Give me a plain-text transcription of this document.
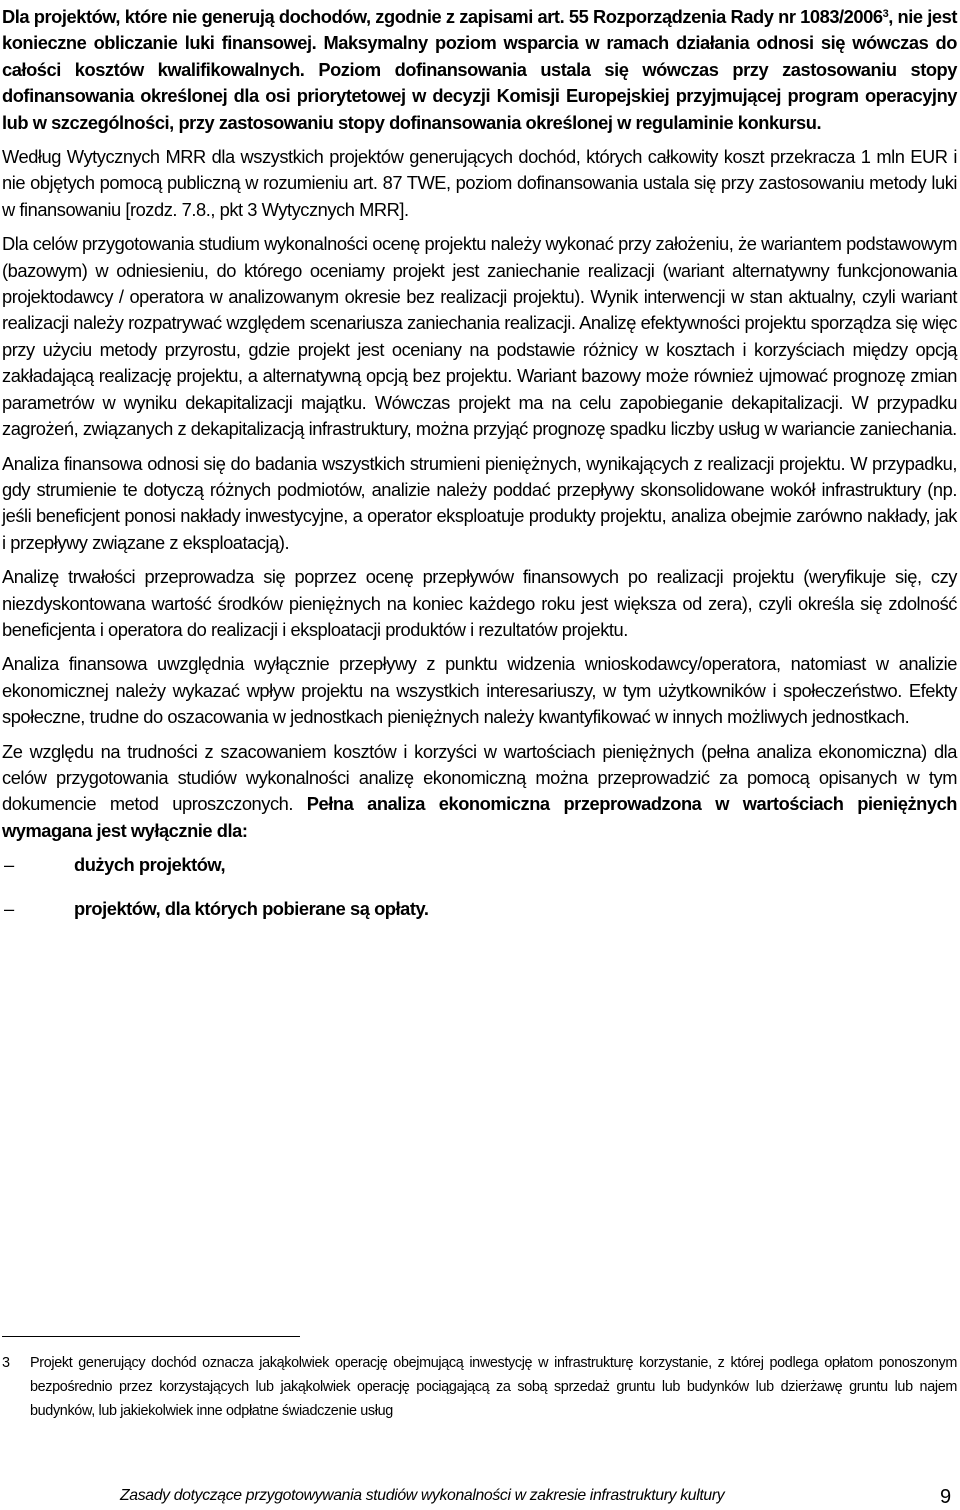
Dla projektów, które nie generują dochodów, zgodnie z zapisami art. 55 Rozporządzenia Rady nr 1083/2006$^3$, nie jest konieczne obliczanie luki finansowej. Maksymalny poziom wsparcia w ramach działania odnosi się wówczas do całości kosztów kwalifikowalnych. Poziom dofinansowania ustala się wówczas przy zastosowaniu stopy dofinansowania określonej dla osi priorytetowej w decyzji Komisji Europejskiej przyjmującej program operacyjny lub w szczególności, przy zastosowaniu stopy dofinansowania określonej w regulaminie konkursu.

Według Wytycznych MRR dla wszystkich projektów generujących dochód, których całkowity koszt przekracza 1 mln EUR i nie objętych pomocą publiczną w rozumieniu art. 87 TWE, poziom dofinansowania ustala się przy zastosowaniu metody luki w finansowaniu [rozdz. 7.8., pkt 3 Wytycznych MRR].

Dla celów przygotowania studium wykonalności ocenę projektu należy wykonać przy założeniu, że wariantem podstawowym (bazowym) w odniesieniu, do którego oceniamy projekt jest zaniechanie realizacji (wariant alternatywny funkcjonowania projektodawcy / operatora w analizowanym okresie bez realizacji projektu). Wynik interwencji w stan aktualny, czyli wariant realizacji należy rozpatrywać względem scenariusza zaniechania realizacji. Analizę efektywności projektu sporządza się więc przy użyciu metody przyrostu, gdzie projekt jest oceniany na podstawie różnicy w kosztach i korzyściach między opcją zakładającą realizację projektu, a alternatywną opcją bez projektu. Wariant bazowy może również ujmować prognozę zmian parametrów w wyniku dekapitalizacji majątku. Wówczas projekt ma na celu zapobieganie dekapitalizacji. W przypadku zagrożeń, związanych z dekapitalizacją infrastruktury, można przyjąć prognozę spadku liczby usług w wariancie zaniechania.

Analiza finansowa odnosi się do badania wszystkich strumieni pieniężnych, wynikających z realizacji projektu. W przypadku, gdy strumienie te dotyczą różnych podmiotów, analizie należy poddać przepływy skonsolidowane wokół infrastruktury (np. jeśli beneficjent ponosi nakłady inwestycyjne, a operator eksploatuje produkty projektu, analiza obejmie zarówno nakłady, jak i przepływy związane z eksploatacją).

Analizę trwałości przeprowadza się poprzez ocenę przepływów finansowych po realizacji projektu (weryfikuje się, czy niezdyskontowana wartość środków pieniężnych na koniec każdego roku jest większa od zera), czyli określa się zdolność beneficjenta i operatora do realizacji i eksploatacji produktów i rezultatów projektu.

Analiza finansowa uwzględnia wyłącznie przepływy z punktu widzenia wnioskodawcy/operatora, natomiast w analizie ekonomicznej należy wykazać wpływ projektu na wszystkich interesariuszy, w tym użytkowników i społeczeństwo. Efekty społeczne, trudne do oszacowania w jednostkach pieniężnych należy kwantyfikować w innych możliwych jednostkach.

Ze względu na trudności z szacowaniem kosztów i korzyści w wartościach pieniężnych (pełna analiza ekonomiczna) dla celów przygotowania studiów wykonalności analizę ekonomiczną można przeprowadzić za pomocą opisanych w tym dokumencie metod uproszczonych. Pełna analiza ekonomiczna przeprowadzona w wartościach pieniężnych wymagana jest wyłącznie dla:

–	dużych projektów,
–	projektów, dla których pobierane są opłaty.
3 Projekt generujący dochód oznacza jakąkolwiek operację obejmującą inwestycję w infrastrukturę korzystanie, z której podlega opłatom ponoszonym bezpośrednio przez korzystających lub jakąkolwiek operację pociągającą za sobą sprzedaż gruntu lub budynków lub dzierżawę gruntu lub najem budynków, lub jakiekolwiek inne odpłatne świadczenie usług
Zasady dotyczące przygotowywania studiów wykonalności w zakresie infrastruktury kultury	9
